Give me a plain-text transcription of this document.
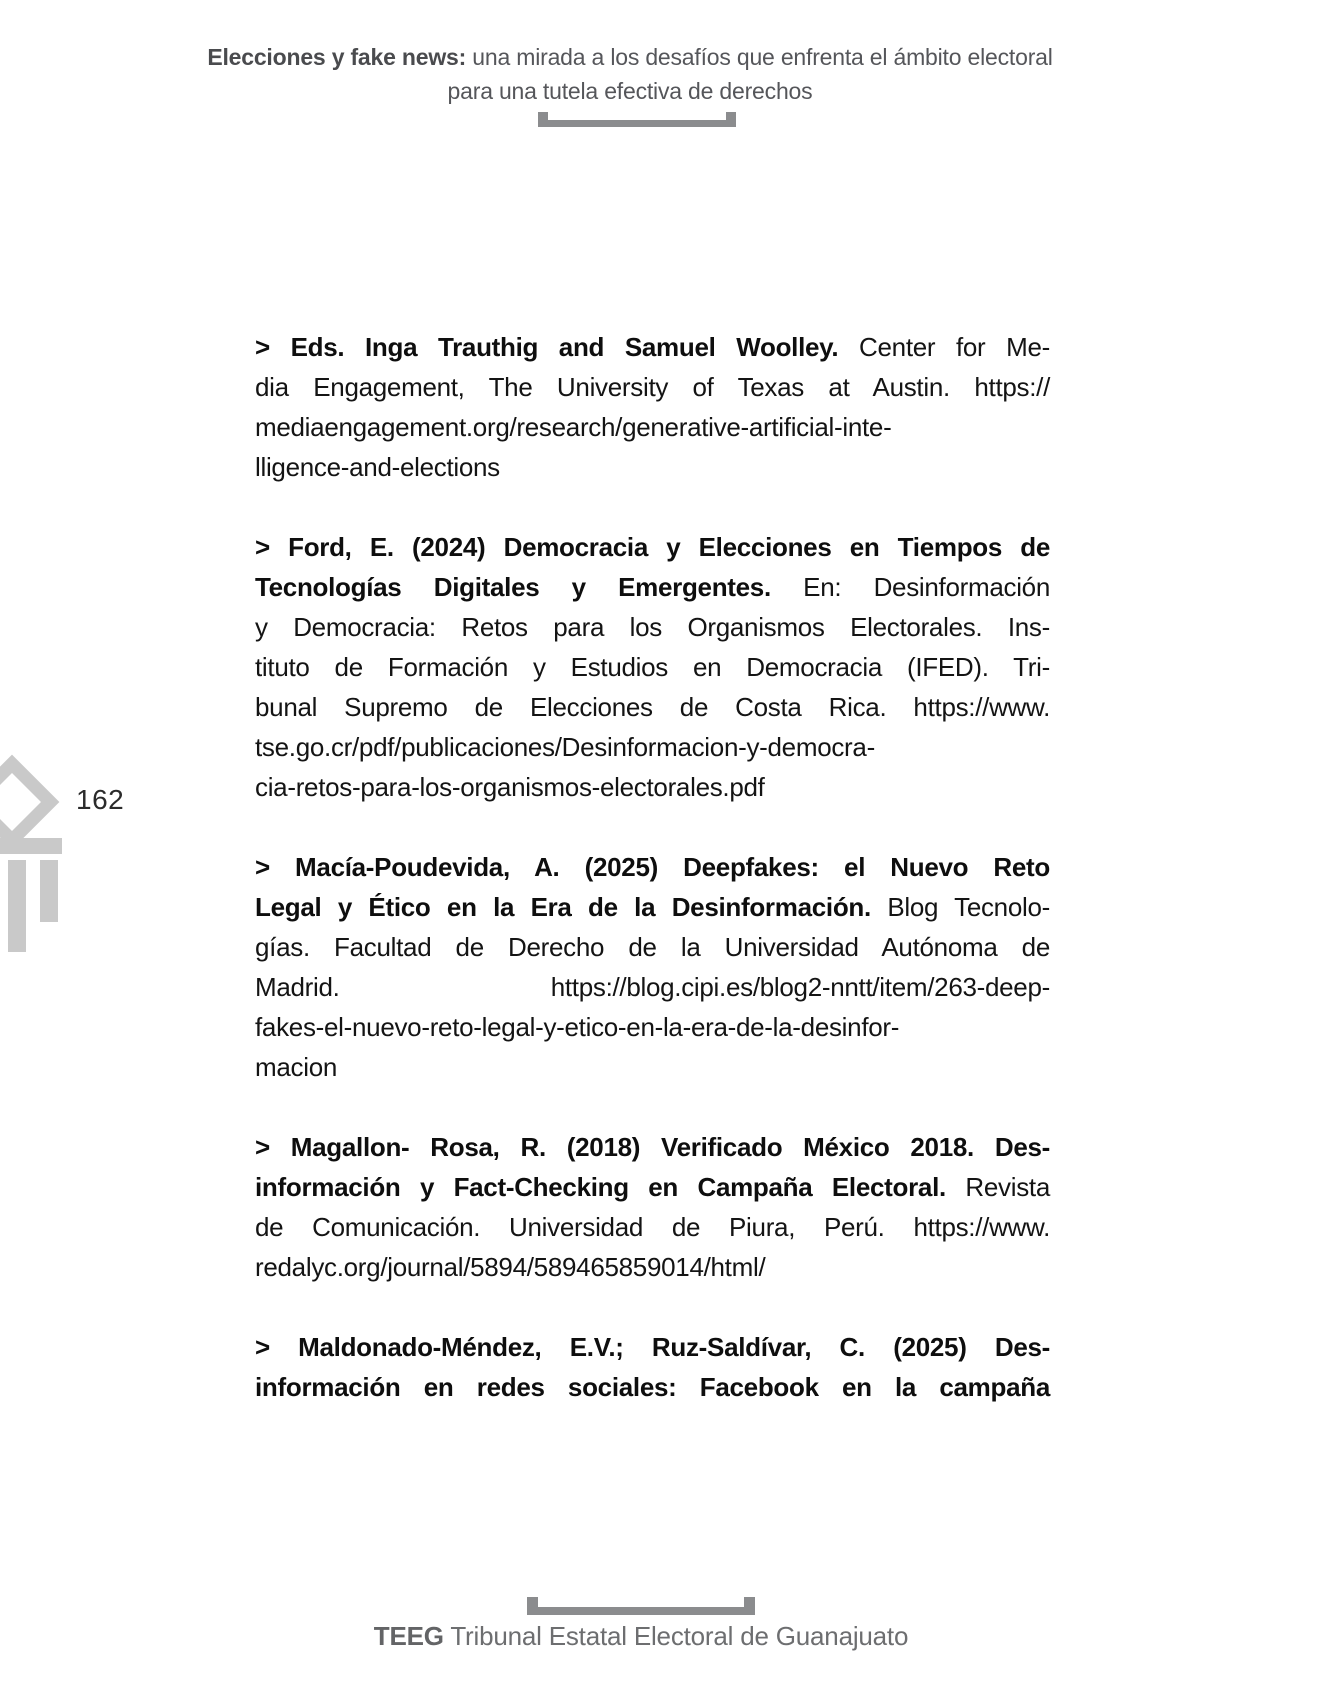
Elecciones y fake news: una mirada a los desafíos que enfrenta el ámbito electoral
para una tutela efectiva de derechos
162
> Eds. Inga Trauthig and Samuel Woolley. Center for Me-
dia Engagement, The University of Texas at Austin. https://
mediaengagement.org/research/generative-artificial-inte-
lligence-and-elections
> Ford, E. (2024) Democracia y Elecciones en Tiempos de
Tecnologías Digitales y Emergentes. En: Desinformación
y Democracia: Retos para los Organismos Electorales. Ins-
tituto de Formación y Estudios en Democracia (IFED). Tri-
bunal Supremo de Elecciones de Costa Rica. https://www.
tse.go.cr/pdf/publicaciones/Desinformacion-y-democra-
cia-retos-para-los-organismos-electorales.pdf
> Macía-Poudevida, A. (2025) Deepfakes: el Nuevo Reto
Legal y Ético en la Era de la Desinformación. Blog Tecnolo-
gías. Facultad de Derecho de la Universidad Autónoma de
Madrid. https://blog.cipi.es/blog2-nntt/item/263-deep-
fakes-el-nuevo-reto-legal-y-etico-en-la-era-de-la-desinfor-
macion
> Magallon- Rosa, R. (2018) Verificado México 2018. Des-
información y Fact-Checking en Campaña Electoral. Revista
de Comunicación. Universidad de Piura, Perú. https://www.
redalyc.org/journal/5894/589465859014/html/
> Maldonado-Méndez, E.V.; Ruz-Saldívar, C. (2025) Des-
información en redes sociales: Facebook en la campaña
TEEG Tribunal Estatal Electoral de Guanajuato
